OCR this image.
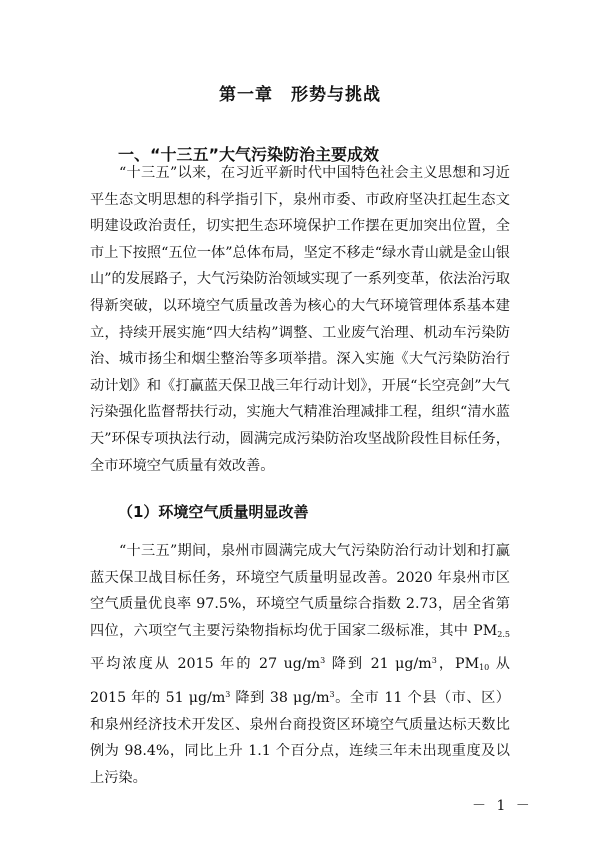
第一章　形势与挑战
一、“十三五”大气污染防治主要成效

“十三五”以来，在习近平新时代中国特色社会主义思想和习近平生态文明思想的科学指引下，泉州市委、市政府坚决扛起生态文明建设政治责任，切实把生态环境保护工作摆在更加突出位置，全市上下按照“五位一体”总体布局，坚定不移走“绿水青山就是金山银山”的发展路子，大气污染防治领域实现了一系列变革，依法治污取得新突破，以环境空气质量改善为核心的大气环境管理体系基本建立，持续开展实施“四大结构”调整、工业废气治理、机动车污染防治、城市扬尘和烟尘整治等多项举措。深入实施《大气污染防治行动计划》和《打赢蓝天保卫战三年行动计划》，开展“长空亮剑”大气污染强化监督帮扶行动，实施大气精准治理减排工程，组织“清水蓝天”环保专项执法行动，圆满完成污染防治攻坚战阶段性目标任务，全市环境空气质量有效改善。

（1）环境空气质量明显改善

“十三五”期间，泉州市圆满完成大气污染防治行动计划和打赢蓝天保卫战目标任务，环境空气质量明显改善。2020 年泉州市区空气质量优良率 97.5%，环境空气质量综合指数 2.73，居全省第四位，六项空气主要污染物指标均优于国家二级标准，其中 $PM_{2.5}$ 平均浓度从 2015 年的 27 $ug/m^3$ 降到 21 $\mu g/m^3$，$PM_{10}$ 从 2015 年的 51 $\mu g/m^3$ 降到 38 $\mu g/m^3$。全市 11 个县（市、区）和泉州经济技术开发区、泉州台商投资区环境空气质量达标天数比例为 98.4%，同比上升 1.1 个百分点，连续三年未出现重度及以上污染。

－ 1 －
